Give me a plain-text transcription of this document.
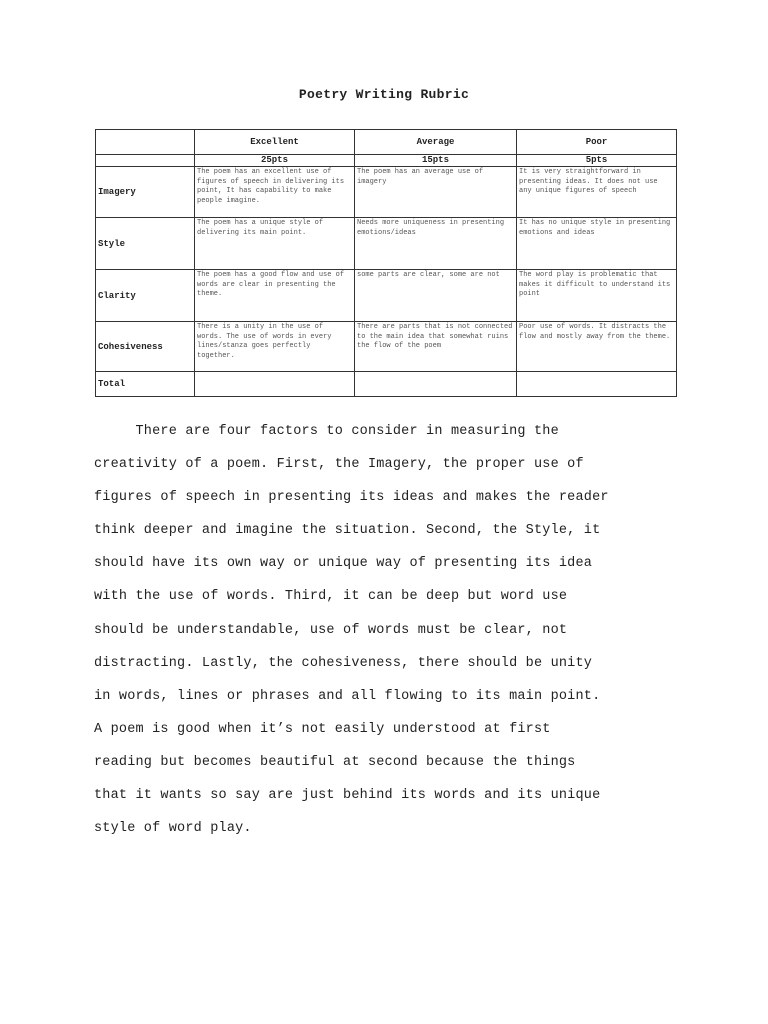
Poetry Writing Rubric
	Excellent	Average	Poor
	25pts	15pts	5pts
Imagery	The poem has an excellent use of figures of speech in delivering its point, It has capability to make people imagine.	The poem has an average use of imagery	It is very straightforward in presenting ideas. It does not use any unique figures of speech
Style	The poem has a unique style of delivering its main point.	Needs more uniqueness in presenting emotions/ideas	It has no unique style in presenting emotions and ideas
Clarity	The poem has a good flow and use of words are clear in presenting the theme.	some parts are clear, some are not	The word play is problematic that makes it difficult to understand its point
Cohesiveness	There is a unity in the use of words. The use of words in every lines/stanza goes perfectly together.	There are parts that is not connected to the main idea that somewhat ruins the flow of the poem	Poor use of words. It distracts the flow and mostly away from the theme.
Total			
There are four factors to consider in measuring the
creativity of a poem. First, the Imagery, the proper use of
figures of speech in presenting its ideas and makes the reader
think deeper and imagine the situation. Second, the Style, it
should have its own way or unique way of presenting its idea
with the use of words. Third, it can be deep but word use
should be understandable, use of words must be clear, not
distracting. Lastly, the cohesiveness, there should be unity
in words, lines or phrases and all flowing to its main point.
A poem is good when it’s not easily understood at first
reading but becomes beautiful at second because the things
that it wants so say are just behind its words and its unique
style of word play.
